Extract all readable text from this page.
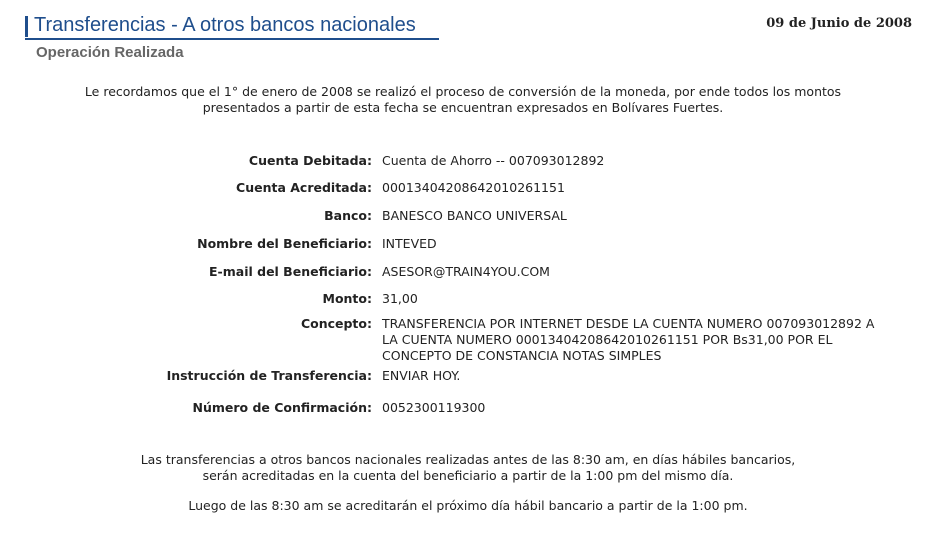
Transferencias - A otros bancos nacionales	09 de Junio de 2008
Operación Realizada
Le recordamos que el 1° de enero de 2008 se realizó el proceso de conversión de la moneda, por ende todos los montos
presentados a partir de esta fecha se encuentran expresados en Bolívares Fuertes.
Cuenta Debitada: Cuenta de Ahorro -- 007093012892
Cuenta Acreditada: 00013404208642010261151
Banco: BANESCO BANCO UNIVERSAL
Nombre del Beneficiario: INTEVED
E-mail del Beneficiario: ASESOR@TRAIN4YOU.COM
Monto: 31,00
Concepto: TRANSFERENCIA POR INTERNET DESDE LA CUENTA NUMERO 007093012892 A
LA CUENTA NUMERO 00013404208642010261151 POR Bs31,00 POR EL
CONCEPTO DE CONSTANCIA NOTAS SIMPLES
Instrucción de Transferencia: ENVIAR HOY.
Número de Confirmación: 0052300119300
Las transferencias a otros bancos nacionales realizadas antes de las 8:30 am, en días hábiles bancarios,
serán acreditadas en la cuenta del beneficiario a partir de la 1:00 pm del mismo día.
Luego de las 8:30 am se acreditarán el próximo día hábil bancario a partir de la 1:00 pm.
